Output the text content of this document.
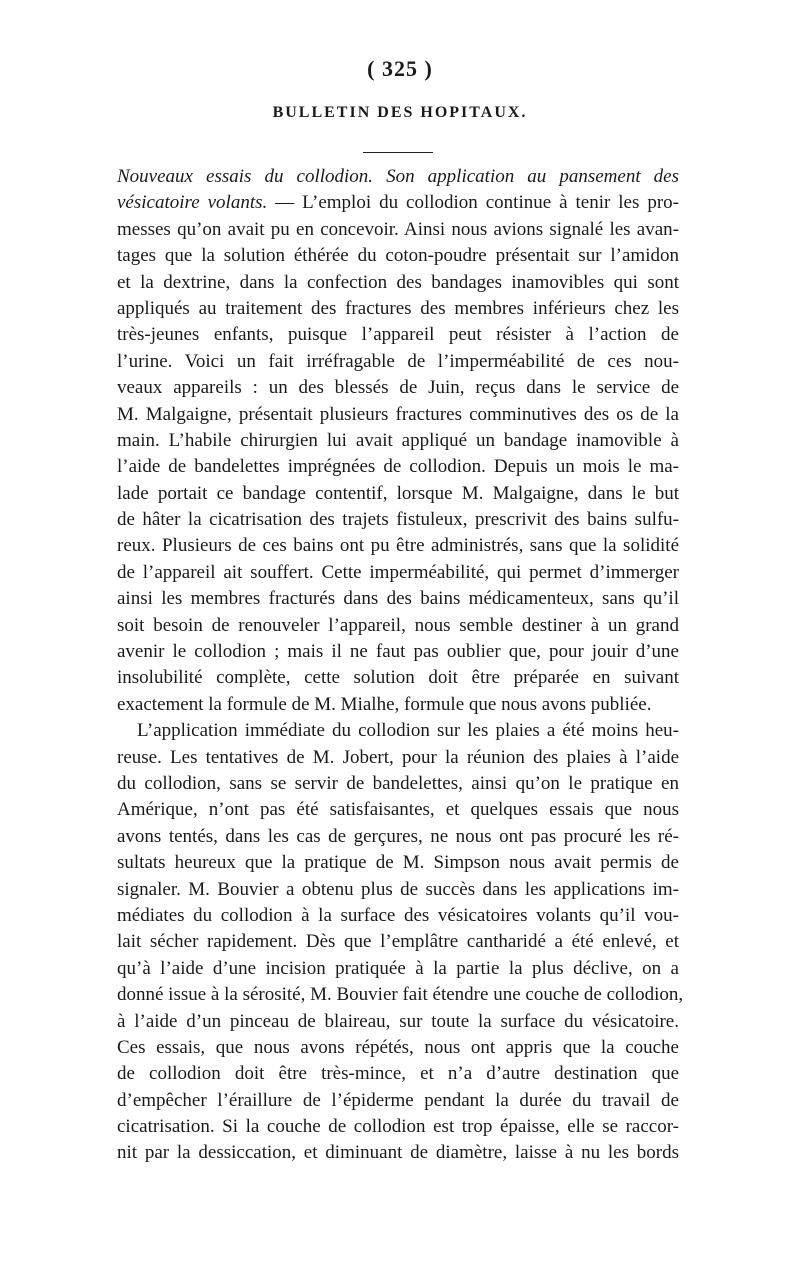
( 325 )
BULLETIN DES HOPITAUX.
Nouveaux essais du collodion. Son application au pansement des
vésicatoire volants. — L’emploi du collodion continue à tenir les pro-
messes qu’on avait pu en concevoir. Ainsi nous avions signalé les avan-
tages que la solution éthérée du coton-poudre présentait sur l’amidon
et la dextrine, dans la confection des bandages inamovibles qui sont
appliqués au traitement des fractures des membres inférieurs chez les
très-jeunes enfants, puisque l’appareil peut résister à l’action de
l’urine. Voici un fait irréfragable de l’imperméabilité de ces nou-
veaux appareils : un des blessés de Juin, reçus dans le service de
M. Malgaigne, présentait plusieurs fractures comminutives des os de la
main. L’habile chirurgien lui avait appliqué un bandage inamovible à
l’aide de bandelettes imprégnées de collodion. Depuis un mois le ma-
lade portait ce bandage contentif, lorsque M. Malgaigne, dans le but
de hâter la cicatrisation des trajets fistuleux, prescrivit des bains sulfu-
reux. Plusieurs de ces bains ont pu être administrés, sans que la solidité
de l’appareil ait souffert. Cette imperméabilité, qui permet d’immerger
ainsi les membres fracturés dans des bains médicamenteux, sans qu’il
soit besoin de renouveler l’appareil, nous semble destiner à un grand
avenir le collodion ; mais il ne faut pas oublier que, pour jouir d’une
insolubilité complète, cette solution doit être préparée en suivant
exactement la formule de M. Mialhe, formule que nous avons publiée.
L’application immédiate du collodion sur les plaies a été moins heu-
reuse. Les tentatives de M. Jobert, pour la réunion des plaies à l’aide
du collodion, sans se servir de bandelettes, ainsi qu’on le pratique en
Amérique, n’ont pas été satisfaisantes, et quelques essais que nous
avons tentés, dans les cas de gerçures, ne nous ont pas procuré les ré-
sultats heureux que la pratique de M. Simpson nous avait permis de
signaler. M. Bouvier a obtenu plus de succès dans les applications im-
médiates du collodion à la surface des vésicatoires volants qu’il vou-
lait sécher rapidement. Dès que l’emplâtre cantharidé a été enlevé, et
qu’à l’aide d’une incision pratiquée à la partie la plus déclive, on a
donné issue à la sérosité, M. Bouvier fait étendre une couche de collodion,
à l’aide d’un pinceau de blaireau, sur toute la surface du vésicatoire.
Ces essais, que nous avons répétés, nous ont appris que la couche
de collodion doit être très-mince, et n’a d’autre destination que
d’empêcher l’éraillure de l’épiderme pendant la durée du travail de
cicatrisation. Si la couche de collodion est trop épaisse, elle se raccor-
nit par la dessiccation, et diminuant de diamètre, laisse à nu les bords
